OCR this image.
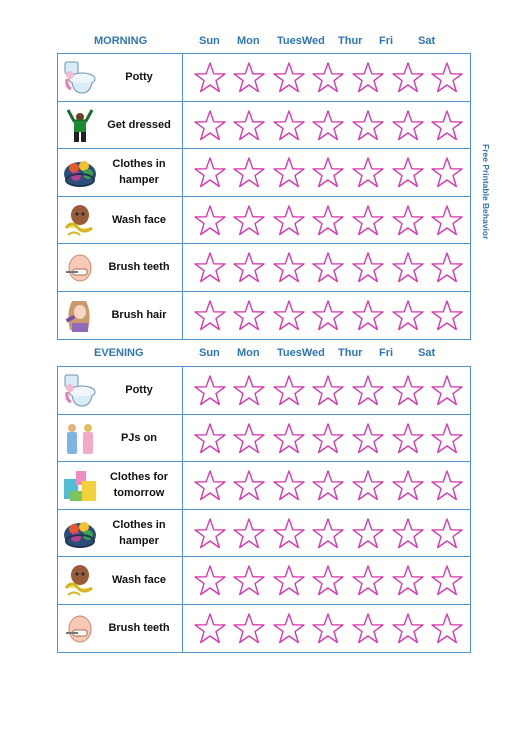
MORNING	Sun Mon TuesWed Thur Fri Sat
Potty
Get dressed
Clothes in
hamper
Wash face
Brush teeth
Brush hair
EVENING	Sun Mon TuesWed Thur Fri Sat
Potty
PJs on
Clothes for
tomorrow
Clothes in
hamper
Wash face
Brush teeth
Free Printable Behavior
